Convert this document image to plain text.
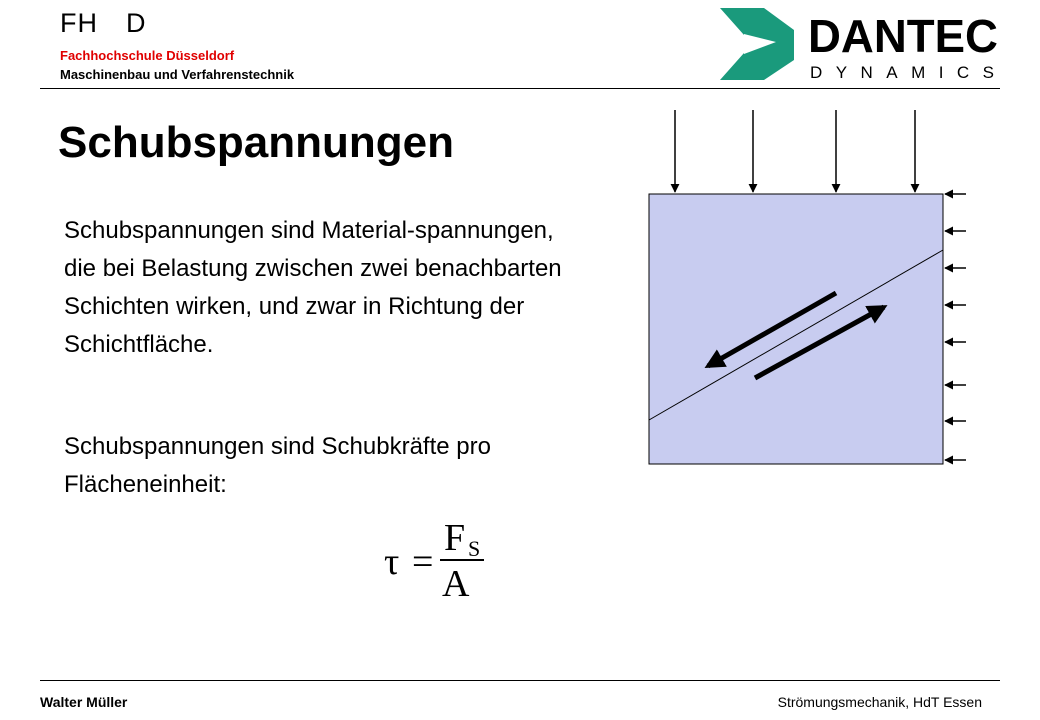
FH D
Fachhochschule Düsseldorf
Maschinenbau und Verfahrenstechnik
DANTEC
DYNAMICS
Schubspannungen

Schubspannungen sind Material-spannungen, die bei Belastung zwischen zwei benachbarten Schichten wirken, und zwar in Richtung der Schichtfläche.

Schubspannungen sind Schubkräfte pro Flächeneinheit:

τ =
F S
A
Walter Müller	Strömungsmechanik, HdT Essen
